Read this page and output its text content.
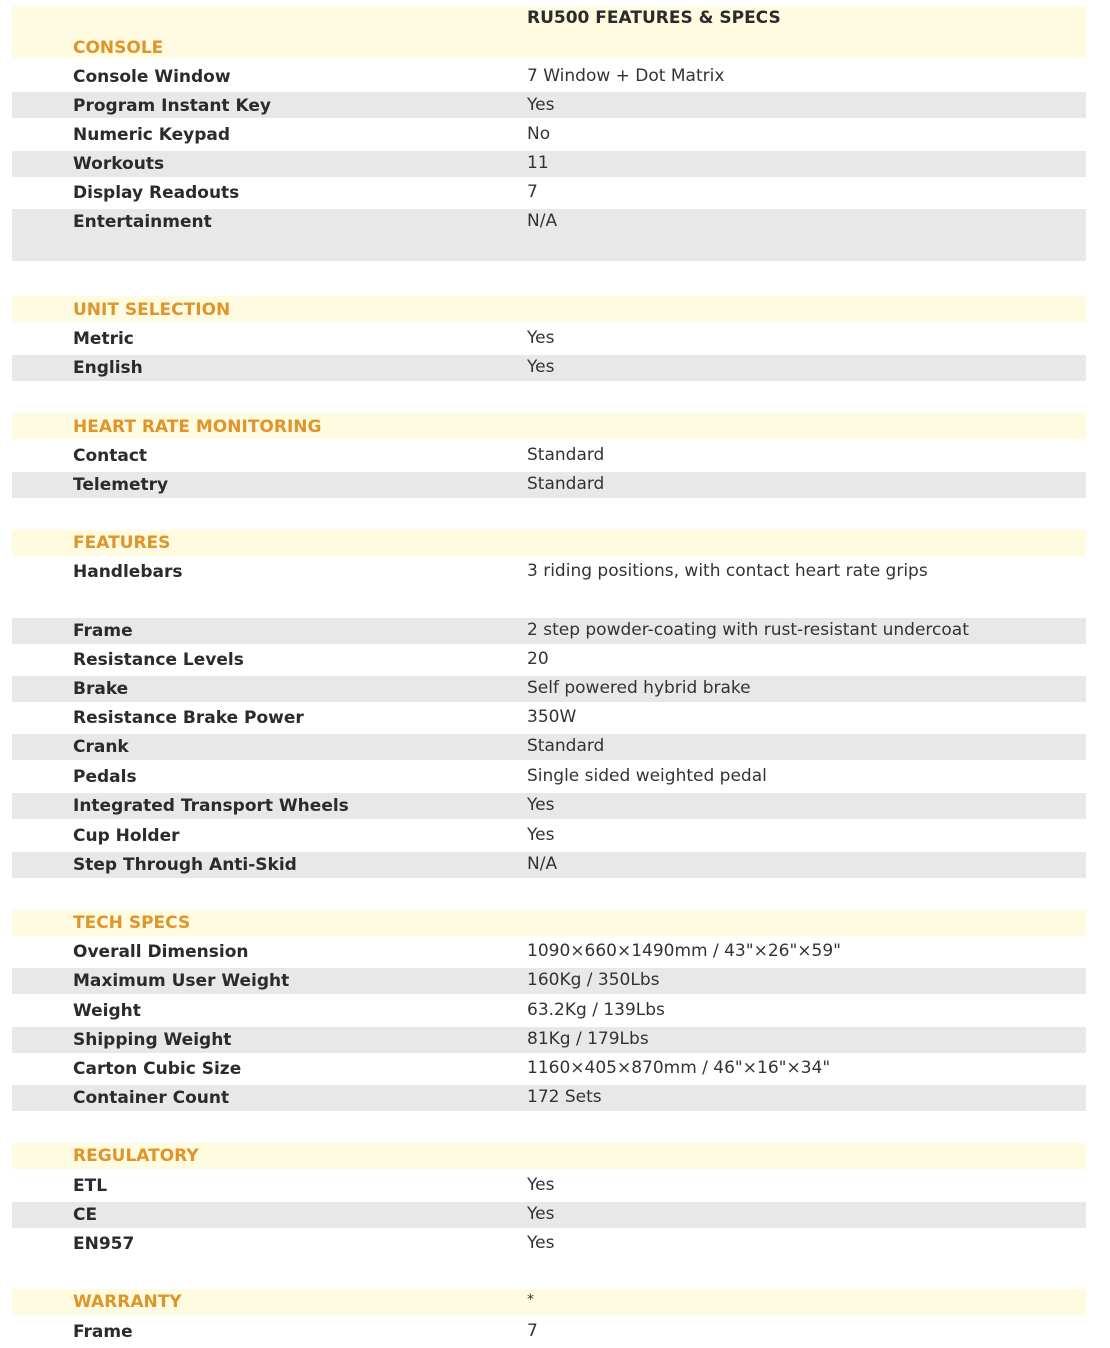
RU500 FEATURES & SPECS
CONSOLE
Console Window	7 Window + Dot Matrix
Program Instant Key	Yes
Numeric Keypad	No
Workouts	11
Display Readouts	7
Entertainment	N/A
UNIT SELECTION
Metric	Yes
English	Yes
HEART RATE MONITORING
Contact	Standard
Telemetry	Standard
FEATURES
Handlebars	3 riding positions, with contact heart rate grips
Frame	2 step powder-coating with rust-resistant undercoat
Resistance Levels	20
Brake	Self powered hybrid brake
Resistance Brake Power	350W
Crank	Standard
Pedals	Single sided weighted pedal
Integrated Transport Wheels	Yes
Cup Holder	Yes
Step Through Anti-Skid	N/A
TECH SPECS
Overall Dimension	1090×660×1490mm / 43"×26"×59"
Maximum User Weight	160Kg / 350Lbs
Weight	63.2Kg / 139Lbs
Shipping Weight	81Kg / 179Lbs
Carton Cubic Size	1160×405×870mm / 46"×16"×34"
Container Count	172 Sets
REGULATORY
ETL	Yes
CE	Yes
EN957	Yes
WARRANTY	*
Frame	7
